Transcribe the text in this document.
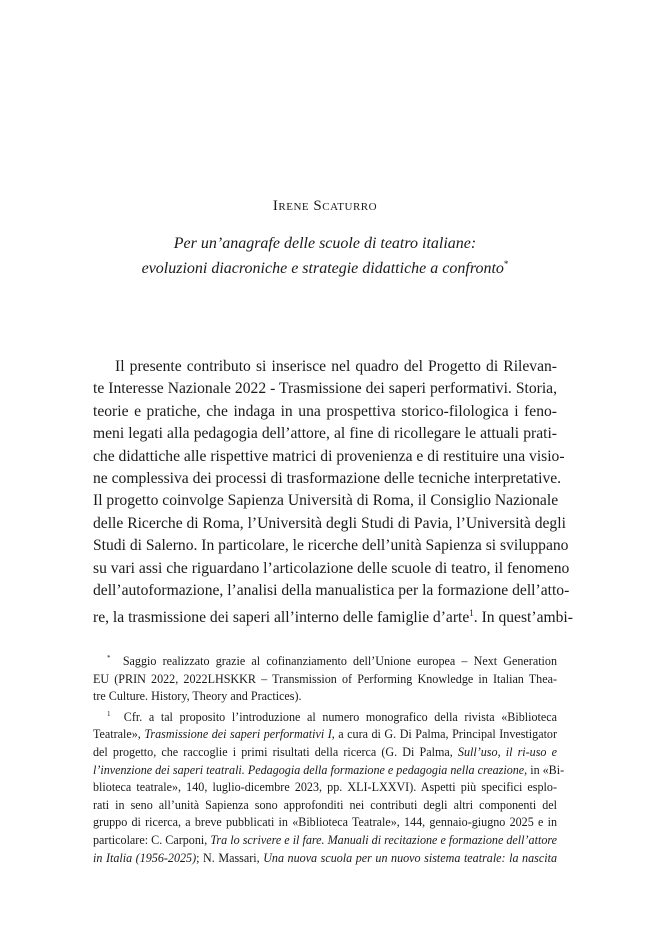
Irene Scaturro
Per un’anagrafe delle scuole di teatro italiane:
evoluzioni diacroniche e strategie didattiche a confronto*
Il presente contributo si inserisce nel quadro del Progetto di Rilevan-
te Interesse Nazionale 2022 - Trasmissione dei saperi performativi. Storia,
teorie e pratiche, che indaga in una prospettiva storico-filologica i feno-
meni legati alla pedagogia dell’attore, al fine di ricollegare le attuali prati-
che didattiche alle rispettive matrici di provenienza e di restituire una visio-
ne complessiva dei processi di trasformazione delle tecniche interpretative.
Il progetto coinvolge Sapienza Università di Roma, il Consiglio Nazionale
delle Ricerche di Roma, l’Università degli Studi di Pavia, l’Università degli
Studi di Salerno. In particolare, le ricerche dell’unità Sapienza si sviluppano
su vari assi che riguardano l’articolazione delle scuole di teatro, il fenomeno
dell’autoformazione, l’analisi della manualistica per la formazione dell’atto-
re, la trasmissione dei saperi all’interno delle famiglie d’arte$^1$. In quest’ambi-
* Saggio realizzato grazie al cofinanziamento dell’Unione europea – Next Generation
EU (PRIN 2022, 2022LHSKKR – Transmission of Performing Knowledge in Italian Thea-
tre Culture. History, Theory and Practices).
$^1$ Cfr. a tal proposito l’introduzione al numero monografico della rivista «Biblioteca
Teatrale», Trasmissione dei saperi performativi I, a cura di G. Di Palma, Principal Investigator
del progetto, che raccoglie i primi risultati della ricerca (G. Di Palma, Sull’uso, il ri-uso e
l’invenzione dei saperi teatrali. Pedagogia della formazione e pedagogia nella creazione, in «Bi-
blioteca teatrale», 140, luglio-dicembre 2023, pp. XLI-LXXVI). Aspetti più specifici esplo-
rati in seno all’unità Sapienza sono approfonditi nei contributi degli altri componenti del
gruppo di ricerca, a breve pubblicati in «Biblioteca Teatrale», 144, gennaio-giugno 2025 e in
particolare: C. Carponi, Tra lo scrivere e il fare. Manuali di recitazione e formazione dell’attore
in Italia (1956-2025); N. Massari, Una nuova scuola per un nuovo sistema teatrale: la nascita
